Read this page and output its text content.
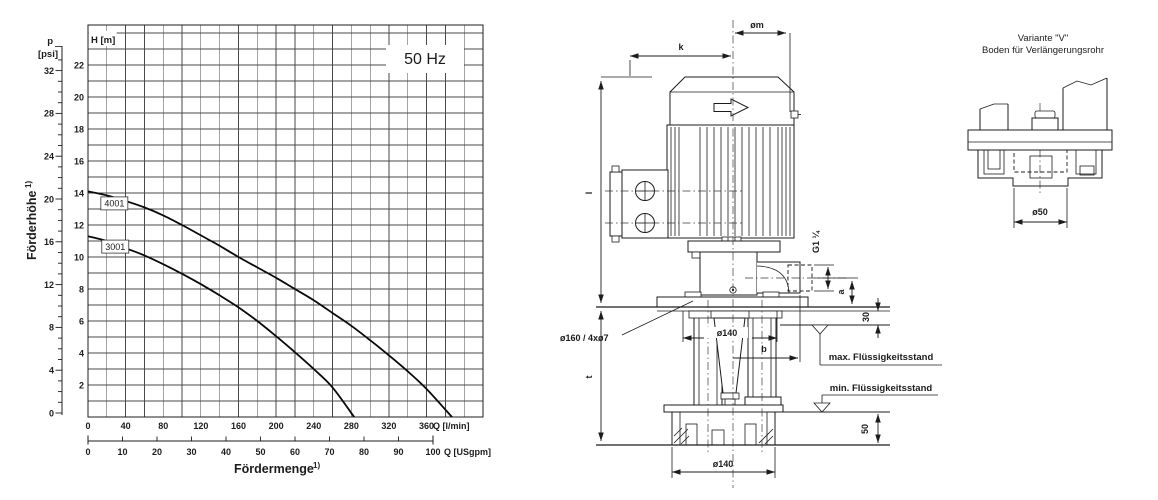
2
4
6
8
10
12
14
16
18
20
22
0
4
8
12
16
20
24
28
32
0	40	80	120	160	200	240	280	320	360
0	10	20	30	40	50	60	70	80	90 100
4001
3001
50 Hz
H [m]
p
[psi]
Q [l/min]
Q [USgpm]
Fördermenge 1)
Förderhöhe
1)
øm
k
l
G1 ¼
a
30
b
t
50
ø140
ø160 / 4xø7
ø140
max. Flüssigkeitsstand
min. Flüssigkeitsstand
Variante "V"
Boden für Verlängerungsrohr
ø50
